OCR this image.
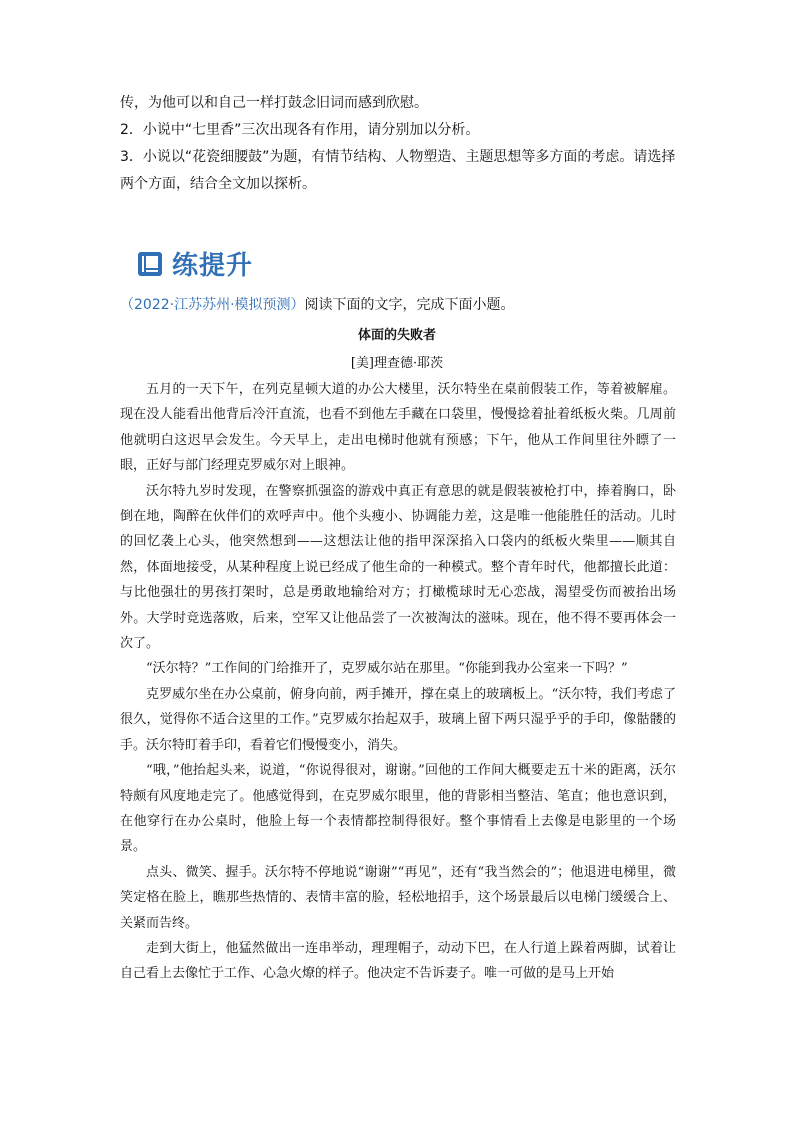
传，为他可以和自己一样打鼓念旧词而感到欣慰。

2．小说中“七里香”三次出现各有作用，请分别加以分析。

3．小说以“花瓷细腰鼓”为题，有情节结构、人物塑造、主题思想等多方面的考虑。请选择两个方面，结合全文加以探析。

练提升
（2022·江苏苏州·模拟预测）阅读下面的文字，完成下面小题。
体面的失败者
[美]理查德·耶茨

五月的一天下午，在列克星顿大道的办公大楼里，沃尔特坐在桌前假装工作，等着被解雇。现在没人能看出他背后冷汗直流，也看不到他左手藏在口袋里，慢慢捻着扯着纸板火柴。几周前他就明白这迟早会发生。今天早上，走出电梯时他就有预感；下午，他从工作间里往外瞟了一眼，正好与部门经理克罗威尔对上眼神。

沃尔特九岁时发现，在警察抓强盗的游戏中真正有意思的就是假装被枪打中，捧着胸口，卧倒在地，陶醉在伙伴们的欢呼声中。他个头瘦小、协调能力差，这是唯一他能胜任的活动。儿时的回忆袭上心头，他突然想到——这想法让他的指甲深深掐入口袋内的纸板火柴里——顺其自然，体面地接受，从某种程度上说已经成了他生命的一种模式。整个青年时代，他都擅长此道：与比他强壮的男孩打架时，总是勇敢地输给对方；打橄榄球时无心恋战，渴望受伤而被抬出场外。大学时竞选落败，后来，空军又让他品尝了一次被淘汰的滋味。现在，他不得不要再体会一次了。

“沃尔特？”工作间的门给推开了，克罗威尔站在那里。“你能到我办公室来一下吗？”

克罗威尔坐在办公桌前，俯身向前，两手摊开，撑在桌上的玻璃板上。“沃尔特，我们考虑了很久，觉得你不适合这里的工作。”克罗威尔抬起双手，玻璃上留下两只湿乎乎的手印，像骷髅的手。沃尔特盯着手印，看着它们慢慢变小，消失。

“哦，”他抬起头来，说道，“你说得很对，谢谢。”回他的工作间大概要走五十米的距离，沃尔特颇有风度地走完了。他感觉得到，在克罗威尔眼里，他的背影相当整洁、笔直；他也意识到，在他穿行在办公桌时，他脸上每一个表情都控制得很好。整个事情看上去像是电影里的一个场景。

点头、微笑、握手。沃尔特不停地说“谢谢”“再见”，还有“我当然会的”；他退进电梯里，微笑定格在脸上，瞧那些热情的、表情丰富的脸，轻松地招手，这个场景最后以电梯门缓缓合上、关紧而告终。

走到大街上，他猛然做出一连串举动，理理帽子，动动下巴，在人行道上跺着两脚，试着让自己看上去像忙于工作、心急火燎的样子。他决定不告诉妻子。唯一可做的是马上开始
